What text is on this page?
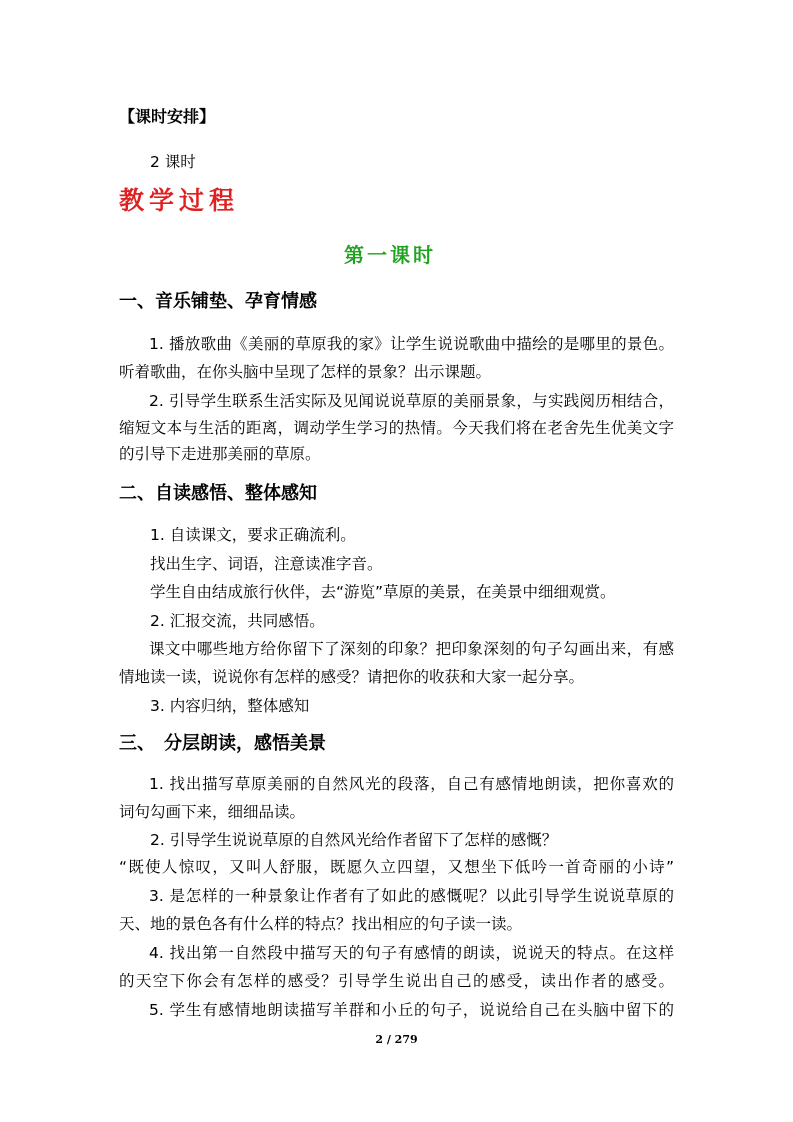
【课时安排】
2 课时
教学过程
第一课时
一、音乐铺垫、孕育情感
1. 播放歌曲《美丽的草原我的家》让学生说说歌曲中描绘的是哪里的景色。
听着歌曲，在你头脑中呈现了怎样的景象？出示课题。
2. 引导学生联系生活实际及见闻说说草原的美丽景象，与实践阅历相结合，
缩短文本与生活的距离，调动学生学习的热情。今天我们将在老舍先生优美文字
的引导下走进那美丽的草原。
二、自读感悟、整体感知
1. 自读课文，要求正确流利。
找出生字、词语，注意读准字音。
学生自由结成旅行伙伴，去“游览”草原的美景，在美景中细细观赏。
2. 汇报交流，共同感悟。
课文中哪些地方给你留下了深刻的印象？把印象深刻的句子勾画出来，有感
情地读一读，说说你有怎样的感受？请把你的收获和大家一起分享。
3. 内容归纳，整体感知
三、　分层朗读，感悟美景
1. 找出描写草原美丽的自然风光的段落，自己有感情地朗读，把你喜欢的
词句勾画下来，细细品读。
2. 引导学生说说草原的自然风光给作者留下了怎样的感慨？
“既使人惊叹，又叫人舒服，既愿久立四望，又想坐下低吟一首奇丽的小诗”
3. 是怎样的一种景象让作者有了如此的感慨呢？以此引导学生说说草原的
天、地的景色各有什么样的特点？找出相应的句子读一读。
4. 找出第一自然段中描写天的句子有感情的朗读，说说天的特点。在这样
的天空下你会有怎样的感受？引导学生说出自己的感受，读出作者的感受。
5. 学生有感情地朗读描写羊群和小丘的句子，说说给自己在头脑中留下的
2 / 279
